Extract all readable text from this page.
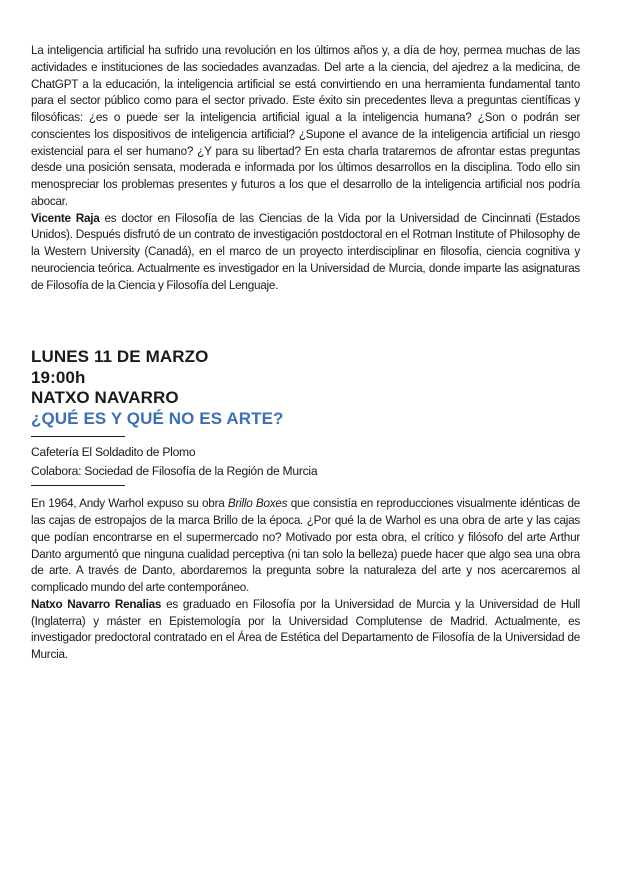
La inteligencia artificial ha sufrido una revolución en los últimos años y, a día de hoy, permea muchas de las actividades e instituciones de las sociedades avanzadas. Del arte a la ciencia, del ajedrez a la medicina, de ChatGPT a la educación, la inteligencia artificial se está convirtiendo en una herramienta fundamental tanto para el sector público como para el sector privado. Este éxito sin precedentes lleva a preguntas científicas y filosóficas: ¿es o puede ser la inteligencia artificial igual a la inteligencia humana? ¿Son o podrán ser conscientes los dispositivos de inteligencia artificial? ¿Supone el avance de la inteligencia artificial un riesgo existencial para el ser humano? ¿Y para su libertad? En esta charla trataremos de afrontar estas preguntas desde una posición sensata, moderada e informada por los últimos desarrollos en la disciplina. Todo ello sin menospreciar los problemas presentes y futuros a los que el desarrollo de la inteligencia artificial nos podría abocar.
Vicente Raja es doctor en Filosofía de las Ciencias de la Vida por la Universidad de Cincinnati (Estados Unidos). Después disfrutó de un contrato de investigación postdoctoral en el Rotman Institute of Philosophy de la Western University (Canadá), en el marco de un proyecto interdisciplinar en filosofía, ciencia cognitiva y neurociencia teórica. Actualmente es investigador en la Universidad de Murcia, donde imparte las asignaturas de Filosofía de la Ciencia y Filosofía del Lenguaje.

LUNES 11 DE MARZO

19:00h

NATXO NAVARRO

¿QUÉ ES Y QUÉ NO ES ARTE?

Cafetería El Soldadito de Plomo

Colabora: Sociedad de Filosofía de la Región de Murcia

En 1964, Andy Warhol expuso su obra Brillo Boxes que consistía en reproducciones visualmente idénticas de las cajas de estropajos de la marca Brillo de la época. ¿Por qué la de Warhol es una obra de arte y las cajas que podían encontrarse en el supermercado no? Motivado por esta obra, el crítico y filósofo del arte Arthur Danto argumentó que ninguna cualidad perceptiva (ni tan solo la belleza) puede hacer que algo sea una obra de arte. A través de Danto, abordaremos la pregunta sobre la naturaleza del arte y nos acercaremos al complicado mundo del arte contemporáneo.
Natxo Navarro Renalias es graduado en Filosofía por la Universidad de Murcia y la Universidad de Hull (Inglaterra) y máster en Epistemología por la Universidad Complutense de Madrid. Actualmente, es investigador predoctoral contratado en el Área de Estética del Departamento de Filosofía de la Universidad de Murcia.
